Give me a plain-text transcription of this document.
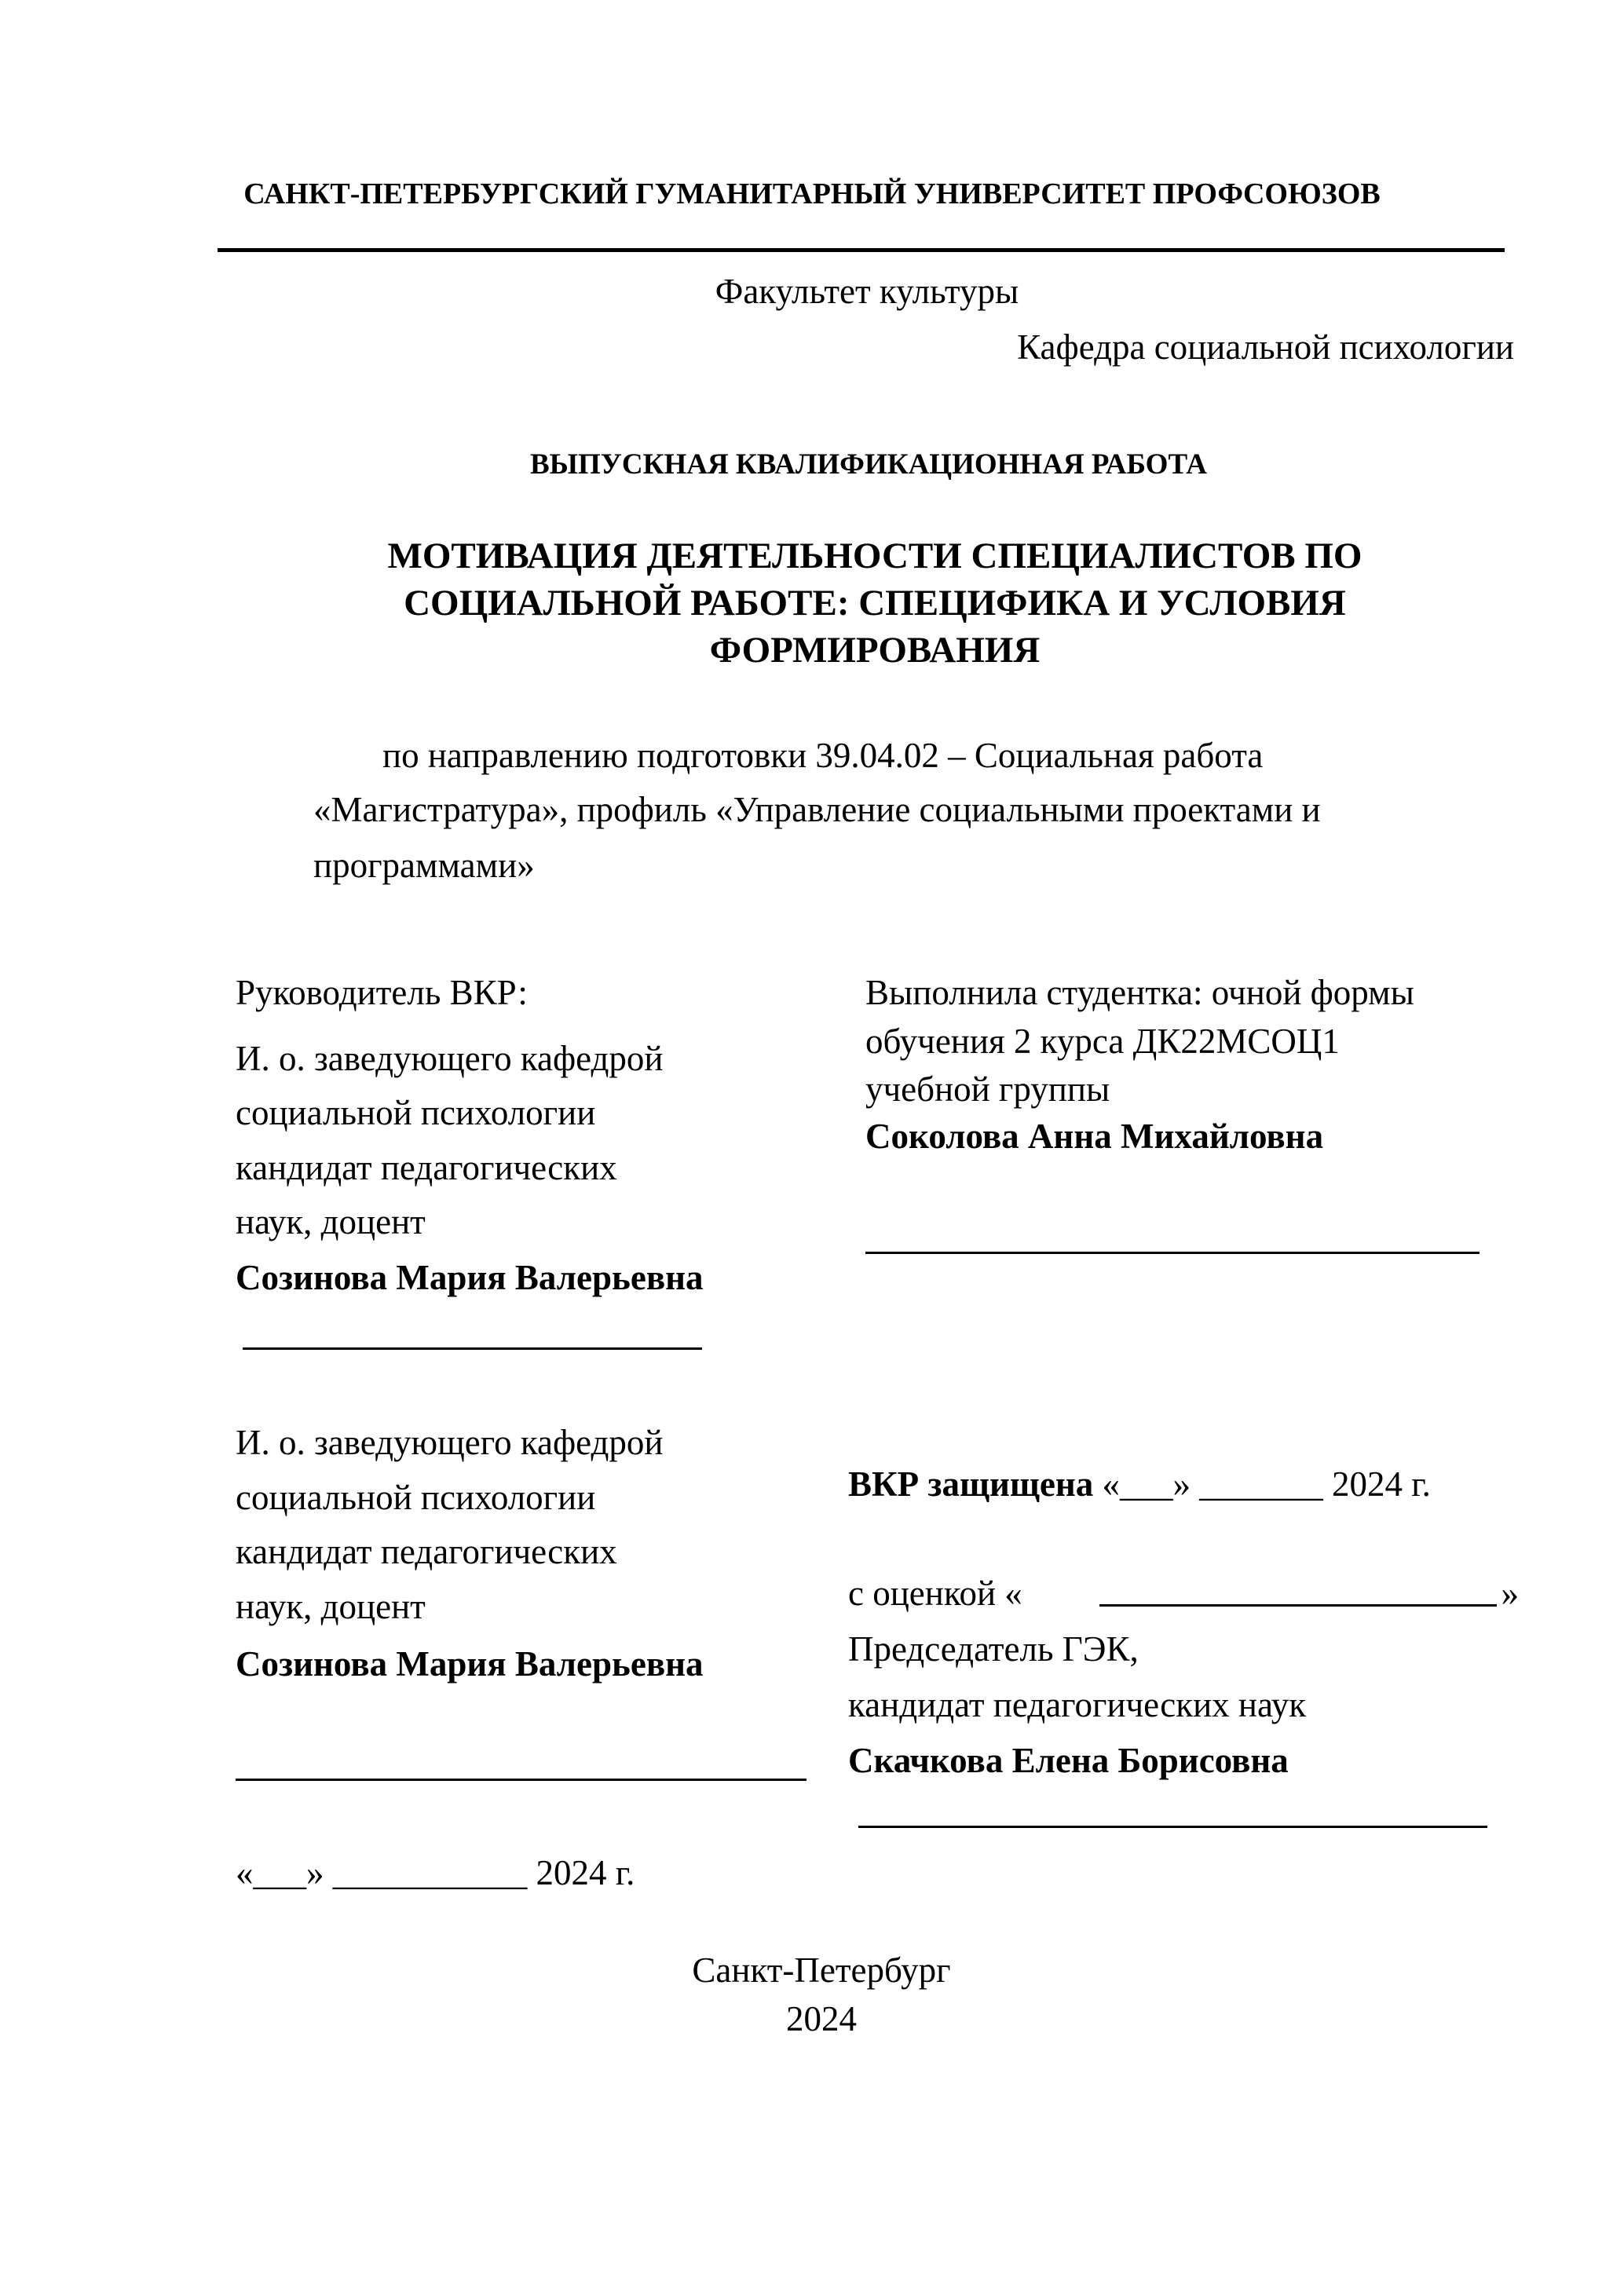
САНКТ-ПЕТЕРБУРГСКИЙ ГУМАНИТАРНЫЙ УНИВЕРСИТЕТ ПРОФСОЮЗОВ
Факультет культуры
Кафедра социальной психологии
ВЫПУСКНАЯ КВАЛИФИКАЦИОННАЯ РАБОТА
МОТИВАЦИЯ ДЕЯТЕЛЬНОСТИ СПЕЦИАЛИСТОВ ПО
СОЦИАЛЬНОЙ РАБОТЕ: СПЕЦИФИКА И УСЛОВИЯ
ФОРМИРОВАНИЯ
по направлению подготовки 39.04.02 – Социальная работа
«Магистратура», профиль «Управление социальными проектами и
программами»
Руководитель ВКР:
И. о. заведующего кафедрой
социальной психологии
кандидат педагогических
наук, доцент
Созинова Мария Валерьевна
Выполнила студентка: очной формы
обучения 2 курса ДК22МСОЦ1
учебной группы
Соколова Анна Михайловна
И. о. заведующего кафедрой
социальной психологии
кандидат педагогических
наук, доцент
Созинова Мария Валерьевна
«___» ___________ 2024 г.
ВКР защищена «___» _______ 2024 г.
с оценкой «	»
Председатель ГЭК,
кандидат педагогических наук
Скачкова Елена Борисовна
Санкт-Петербург
2024
